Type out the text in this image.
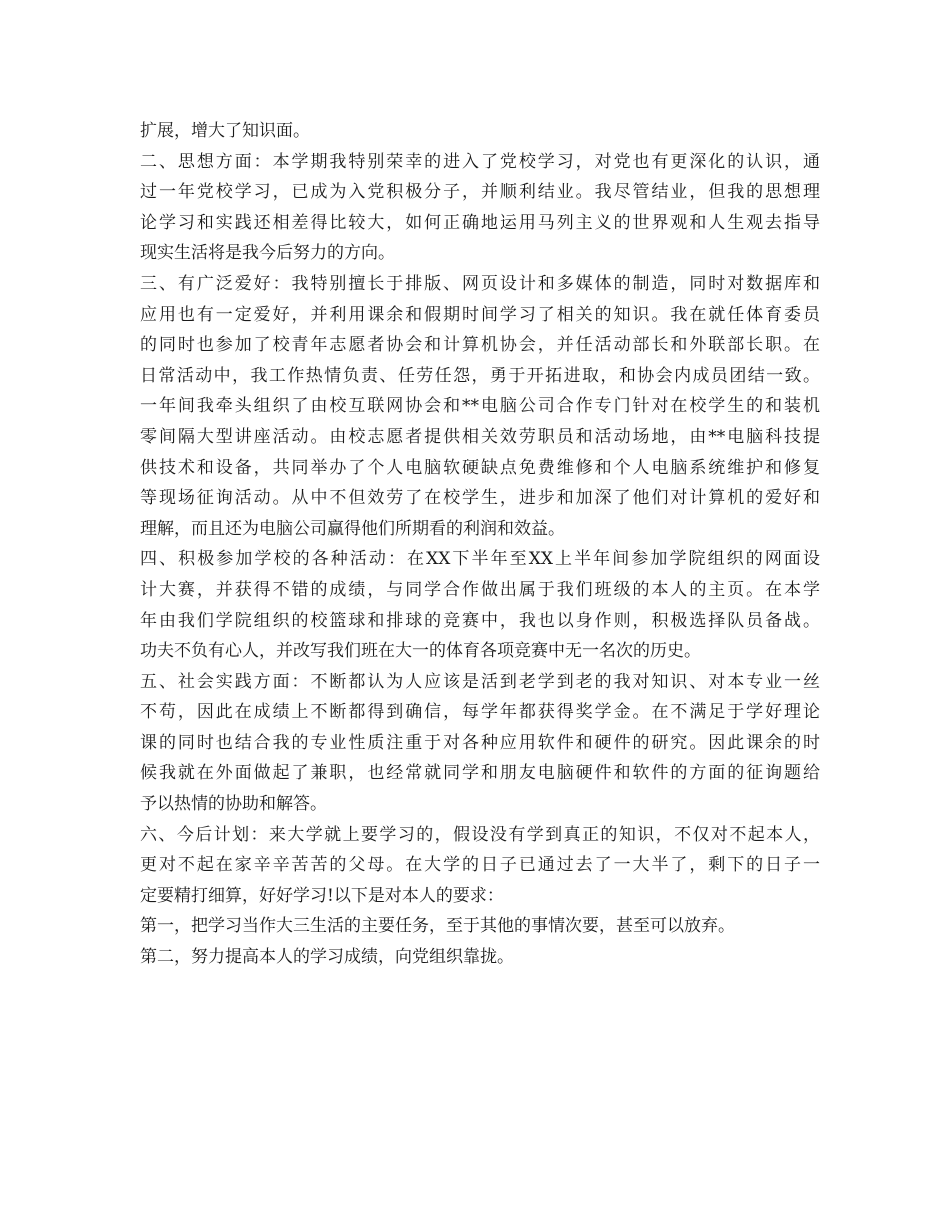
扩展，增大了知识面。
二、思想方面：本学期我特别荣幸的进入了党校学习，对党也有更深化的认识，通
过一年党校学习，已成为入党积极分子，并顺利结业。我尽管结业，但我的思想理
论学习和实践还相差得比较大，如何正确地运用马列主义的世界观和人生观去指导
现实生活将是我今后努力的方向。
三、有广泛爱好：我特别擅长于排版、网页设计和多媒体的制造，同时对数据库和
应用也有一定爱好，并利用课余和假期时间学习了相关的知识。我在就任体育委员
的同时也参加了校青年志愿者协会和计算机协会，并任活动部长和外联部长职。在
日常活动中，我工作热情负责、任劳任怨，勇于开拓进取，和协会内成员团结一致。
一年间我牵头组织了由校互联网协会和**电脑公司合作专门针对在校学生的和装机
零间隔大型讲座活动。由校志愿者提供相关效劳职员和活动场地，由**电脑科技提
供技术和设备，共同举办了个人电脑软硬缺点免费维修和个人电脑系统维护和修复
等现场征询活动。从中不但效劳了在校学生，进步和加深了他们对计算机的爱好和
理解，而且还为电脑公司赢得他们所期看的利润和效益。
四、积极参加学校的各种活动：在XX下半年至XX上半年间参加学院组织的网面设
计大赛，并获得不错的成绩，与同学合作做出属于我们班级的本人的主页。在本学
年由我们学院组织的校篮球和排球的竞赛中，我也以身作则，积极选择队员备战。
功夫不负有心人，并改写我们班在大一的体育各项竞赛中无一名次的历史。
五、社会实践方面：不断都认为人应该是活到老学到老的我对知识、对本专业一丝
不苟，因此在成绩上不断都得到确信，每学年都获得奖学金。在不满足于学好理论
课的同时也结合我的专业性质注重于对各种应用软件和硬件的研究。因此课余的时
候我就在外面做起了兼职，也经常就同学和朋友电脑硬件和软件的方面的征询题给
予以热情的协助和解答。
六、今后计划：来大学就上要学习的，假设没有学到真正的知识，不仅对不起本人，
更对不起在家辛辛苦苦的父母。在大学的日子已通过去了一大半了，剩下的日子一
定要精打细算，好好学习!以下是对本人的要求：
第一，把学习当作大三生活的主要任务，至于其他的事情次要，甚至可以放弃。
第二，努力提高本人的学习成绩，向党组织靠拢。
